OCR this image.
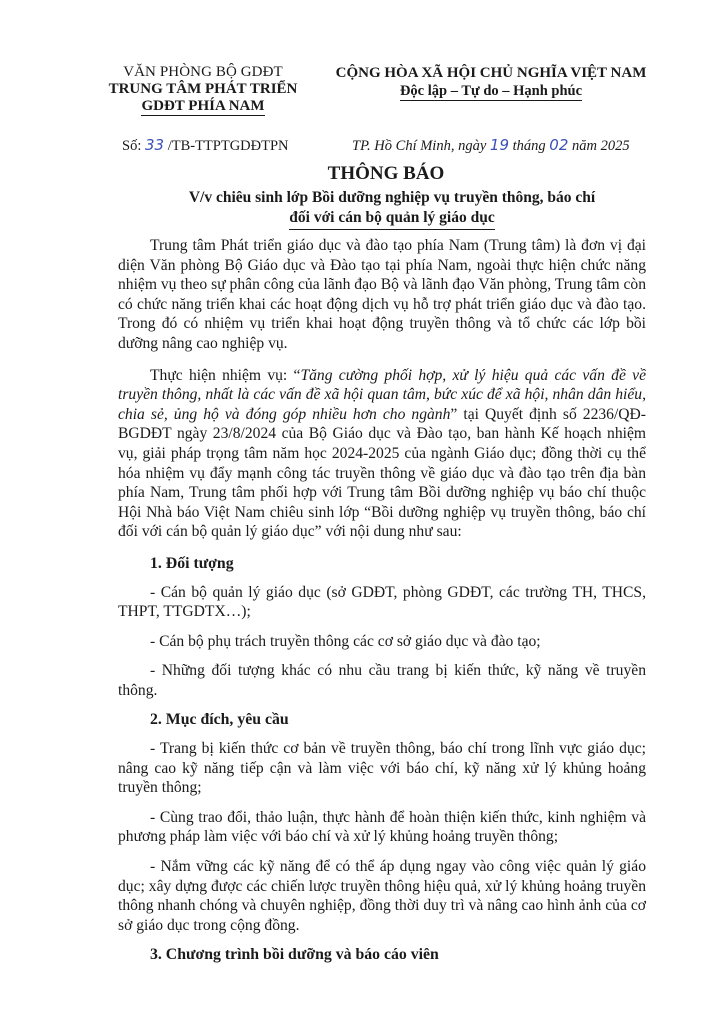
VĂN PHÒNG BỘ GDĐT
TRUNG TÂM PHÁT TRIỂN
GDĐT PHÍA NAM
CỘNG HÒA XÃ HỘI CHỦ NGHĨA VIỆT NAM
Độc lập – Tự do – Hạnh phúc
Số: 33 /TB-TTPTGDĐTPN	TP. Hồ Chí Minh, ngày 19 tháng 02 năm 2025
THÔNG BÁO
V/v chiêu sinh lớp Bồi dưỡng nghiệp vụ truyền thông, báo chí
đối với cán bộ quản lý giáo dục

Trung tâm Phát triển giáo dục và đào tạo phía Nam (Trung tâm) là đơn vị đại diện Văn phòng Bộ Giáo dục và Đào tạo tại phía Nam, ngoài thực hiện chức năng nhiệm vụ theo sự phân công của lãnh đạo Bộ và lãnh đạo Văn phòng, Trung tâm còn có chức năng triển khai các hoạt động dịch vụ hỗ trợ phát triển giáo dục và đào tạo. Trong đó có nhiệm vụ triển khai hoạt động truyền thông và tổ chức các lớp bồi dưỡng nâng cao nghiệp vụ.

Thực hiện nhiệm vụ: “Tăng cường phối hợp, xử lý hiệu quả các vấn đề về truyền thông, nhất là các vấn đề xã hội quan tâm, bức xúc để xã hội, nhân dân hiểu, chia sẻ, ủng hộ và đóng góp nhiều hơn cho ngành” tại Quyết định số 2236/QĐ-BGDĐT ngày 23/8/2024 của Bộ Giáo dục và Đào tạo, ban hành Kế hoạch nhiệm vụ, giải pháp trọng tâm năm học 2024-2025 của ngành Giáo dục; đồng thời cụ thể hóa nhiệm vụ đẩy mạnh công tác truyền thông về giáo dục và đào tạo trên địa bàn phía Nam, Trung tâm phối hợp với Trung tâm Bồi dưỡng nghiệp vụ báo chí thuộc Hội Nhà báo Việt Nam chiêu sinh lớp “Bồi dưỡng nghiệp vụ truyền thông, báo chí đối với cán bộ quản lý giáo dục” với nội dung như sau:

1. Đối tượng

- Cán bộ quản lý giáo dục (sở GDĐT, phòng GDĐT, các trường TH, THCS, THPT, TTGDTX…);

- Cán bộ phụ trách truyền thông các cơ sở giáo dục và đào tạo;

- Những đối tượng khác có nhu cầu trang bị kiến thức, kỹ năng về truyền thông.

2. Mục đích, yêu cầu

- Trang bị kiến thức cơ bản về truyền thông, báo chí trong lĩnh vực giáo dục; nâng cao kỹ năng tiếp cận và làm việc với báo chí, kỹ năng xử lý khủng hoảng truyền thông;

- Cùng trao đổi, thảo luận, thực hành để hoàn thiện kiến thức, kinh nghiệm và phương pháp làm việc với báo chí và xử lý khủng hoảng truyền thông;

- Nắm vững các kỹ năng để có thể áp dụng ngay vào công việc quản lý giáo dục; xây dựng được các chiến lược truyền thông hiệu quả, xử lý khủng hoảng truyền thông nhanh chóng và chuyên nghiệp, đồng thời duy trì và nâng cao hình ảnh của cơ sở giáo dục trong cộng đồng.

3. Chương trình bồi dưỡng và báo cáo viên
